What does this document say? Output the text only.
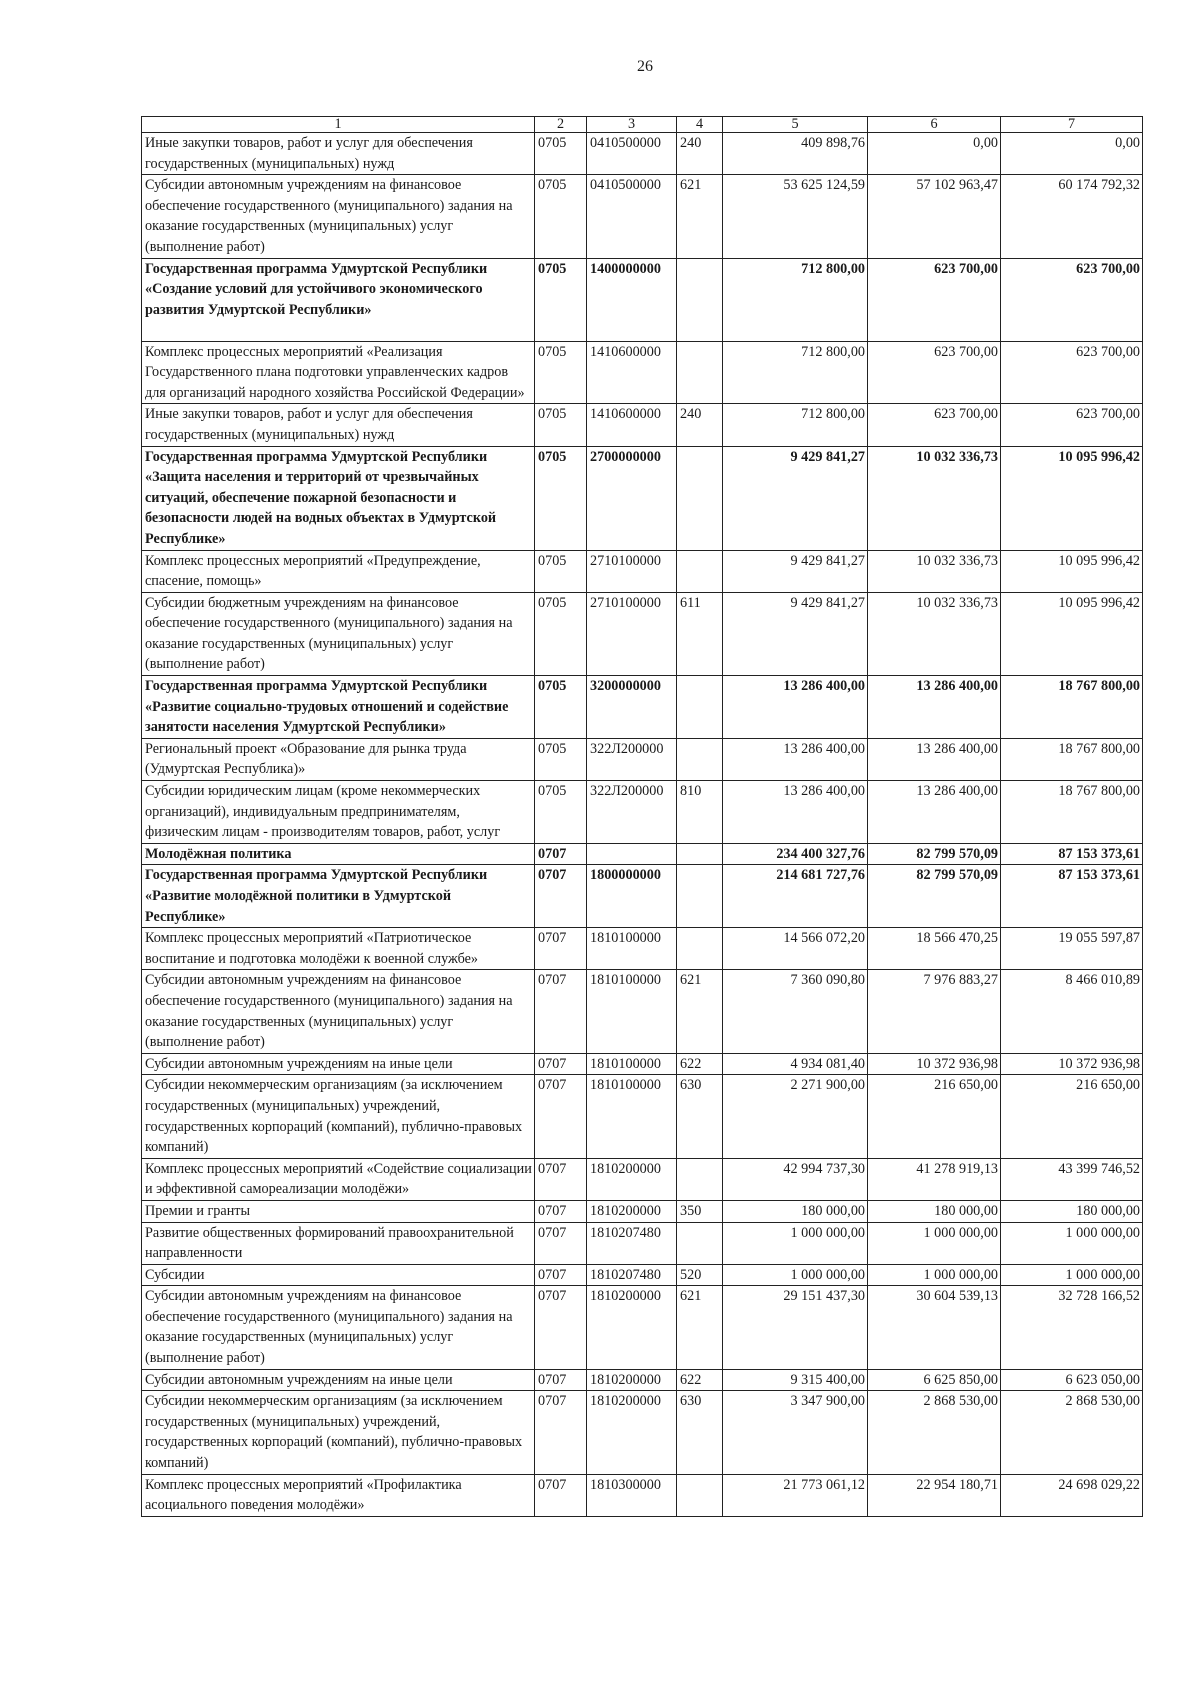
26
1	2	3	4	5	6	7
Иные закупки товаров, работ и услуг для обеспечения государственных (муниципальных) нужд	0705	0410500000	240	409 898,76	0,00	0,00
Субсидии автономным учреждениям на финансовое обеспечение государственного (муниципального) задания на оказание государственных (муниципальных) услуг (выполнение работ)	0705	0410500000	621	53 625 124,59	57 102 963,47	60 174 792,32
Государственная программа Удмуртской Республики «Создание условий для устойчивого экономического развития Удмуртской Республики»	0705	1400000000		712 800,00	623 700,00	623 700,00
Комплекс процессных мероприятий «Реализация Государственного плана подготовки управленческих кадров для организаций народного хозяйства Российской Федерации»	0705	1410600000		712 800,00	623 700,00	623 700,00
Иные закупки товаров, работ и услуг для обеспечения государственных (муниципальных) нужд	0705	1410600000	240	712 800,00	623 700,00	623 700,00
Государственная программа Удмуртской Республики «Защита населения и территорий от чрезвычайных ситуаций, обеспечение пожарной безопасности и безопасности людей на водных объектах в Удмуртской Республике»	0705	2700000000		9 429 841,27	10 032 336,73	10 095 996,42
Комплекс процессных мероприятий «Предупреждение, спасение, помощь»	0705	2710100000		9 429 841,27	10 032 336,73	10 095 996,42
Субсидии бюджетным учреждениям на финансовое обеспечение государственного (муниципального) задания на оказание государственных (муниципальных) услуг (выполнение работ)	0705	2710100000	611	9 429 841,27	10 032 336,73	10 095 996,42
Государственная программа Удмуртской Республики «Развитие социально-трудовых отношений и содействие занятости населения Удмуртской Республики»	0705	3200000000		13 286 400,00	13 286 400,00	18 767 800,00
Региональный проект «Образование для рынка труда (Удмуртская Республика)»	0705	322Л200000		13 286 400,00	13 286 400,00	18 767 800,00
Субсидии юридическим лицам (кроме некоммерческих организаций), индивидуальным предпринимателям, физическим лицам - производителям товаров, работ, услуг	0705	322Л200000	810	13 286 400,00	13 286 400,00	18 767 800,00
Молодёжная политика	0707			234 400 327,76	82 799 570,09	87 153 373,61
Государственная программа Удмуртской Республики «Развитие молодёжной политики в Удмуртской Республике»	0707	1800000000		214 681 727,76	82 799 570,09	87 153 373,61
Комплекс процессных мероприятий «Патриотическое воспитание и подготовка молодёжи к военной службе»	0707	1810100000		14 566 072,20	18 566 470,25	19 055 597,87
Субсидии автономным учреждениям на финансовое обеспечение государственного (муниципального) задания на оказание государственных (муниципальных) услуг (выполнение работ)	0707	1810100000	621	7 360 090,80	7 976 883,27	8 466 010,89
Субсидии автономным учреждениям на иные цели	0707	1810100000	622	4 934 081,40	10 372 936,98	10 372 936,98
Субсидии некоммерческим организациям (за исключением государственных (муниципальных) учреждений, государственных корпораций (компаний), публично-правовых компаний)	0707	1810100000	630	2 271 900,00	216 650,00	216 650,00
Комплекс процессных мероприятий «Содействие социализации и эффективной самореализации молодёжи»	0707	1810200000		42 994 737,30	41 278 919,13	43 399 746,52
Премии и гранты	0707	1810200000	350	180 000,00	180 000,00	180 000,00
Развитие общественных формирований правоохранительной направленности	0707	1810207480		1 000 000,00	1 000 000,00	1 000 000,00
Субсидии	0707	1810207480	520	1 000 000,00	1 000 000,00	1 000 000,00
Субсидии автономным учреждениям на финансовое обеспечение государственного (муниципального) задания на оказание государственных (муниципальных) услуг (выполнение работ)	0707	1810200000	621	29 151 437,30	30 604 539,13	32 728 166,52
Субсидии автономным учреждениям на иные цели	0707	1810200000	622	9 315 400,00	6 625 850,00	6 623 050,00
Субсидии некоммерческим организациям (за исключением государственных (муниципальных) учреждений, государственных корпораций (компаний), публично-правовых компаний)	0707	1810200000	630	3 347 900,00	2 868 530,00	2 868 530,00
Комплекс процессных мероприятий «Профилактика асоциального поведения молодёжи»	0707	1810300000		21 773 061,12	22 954 180,71	24 698 029,22
